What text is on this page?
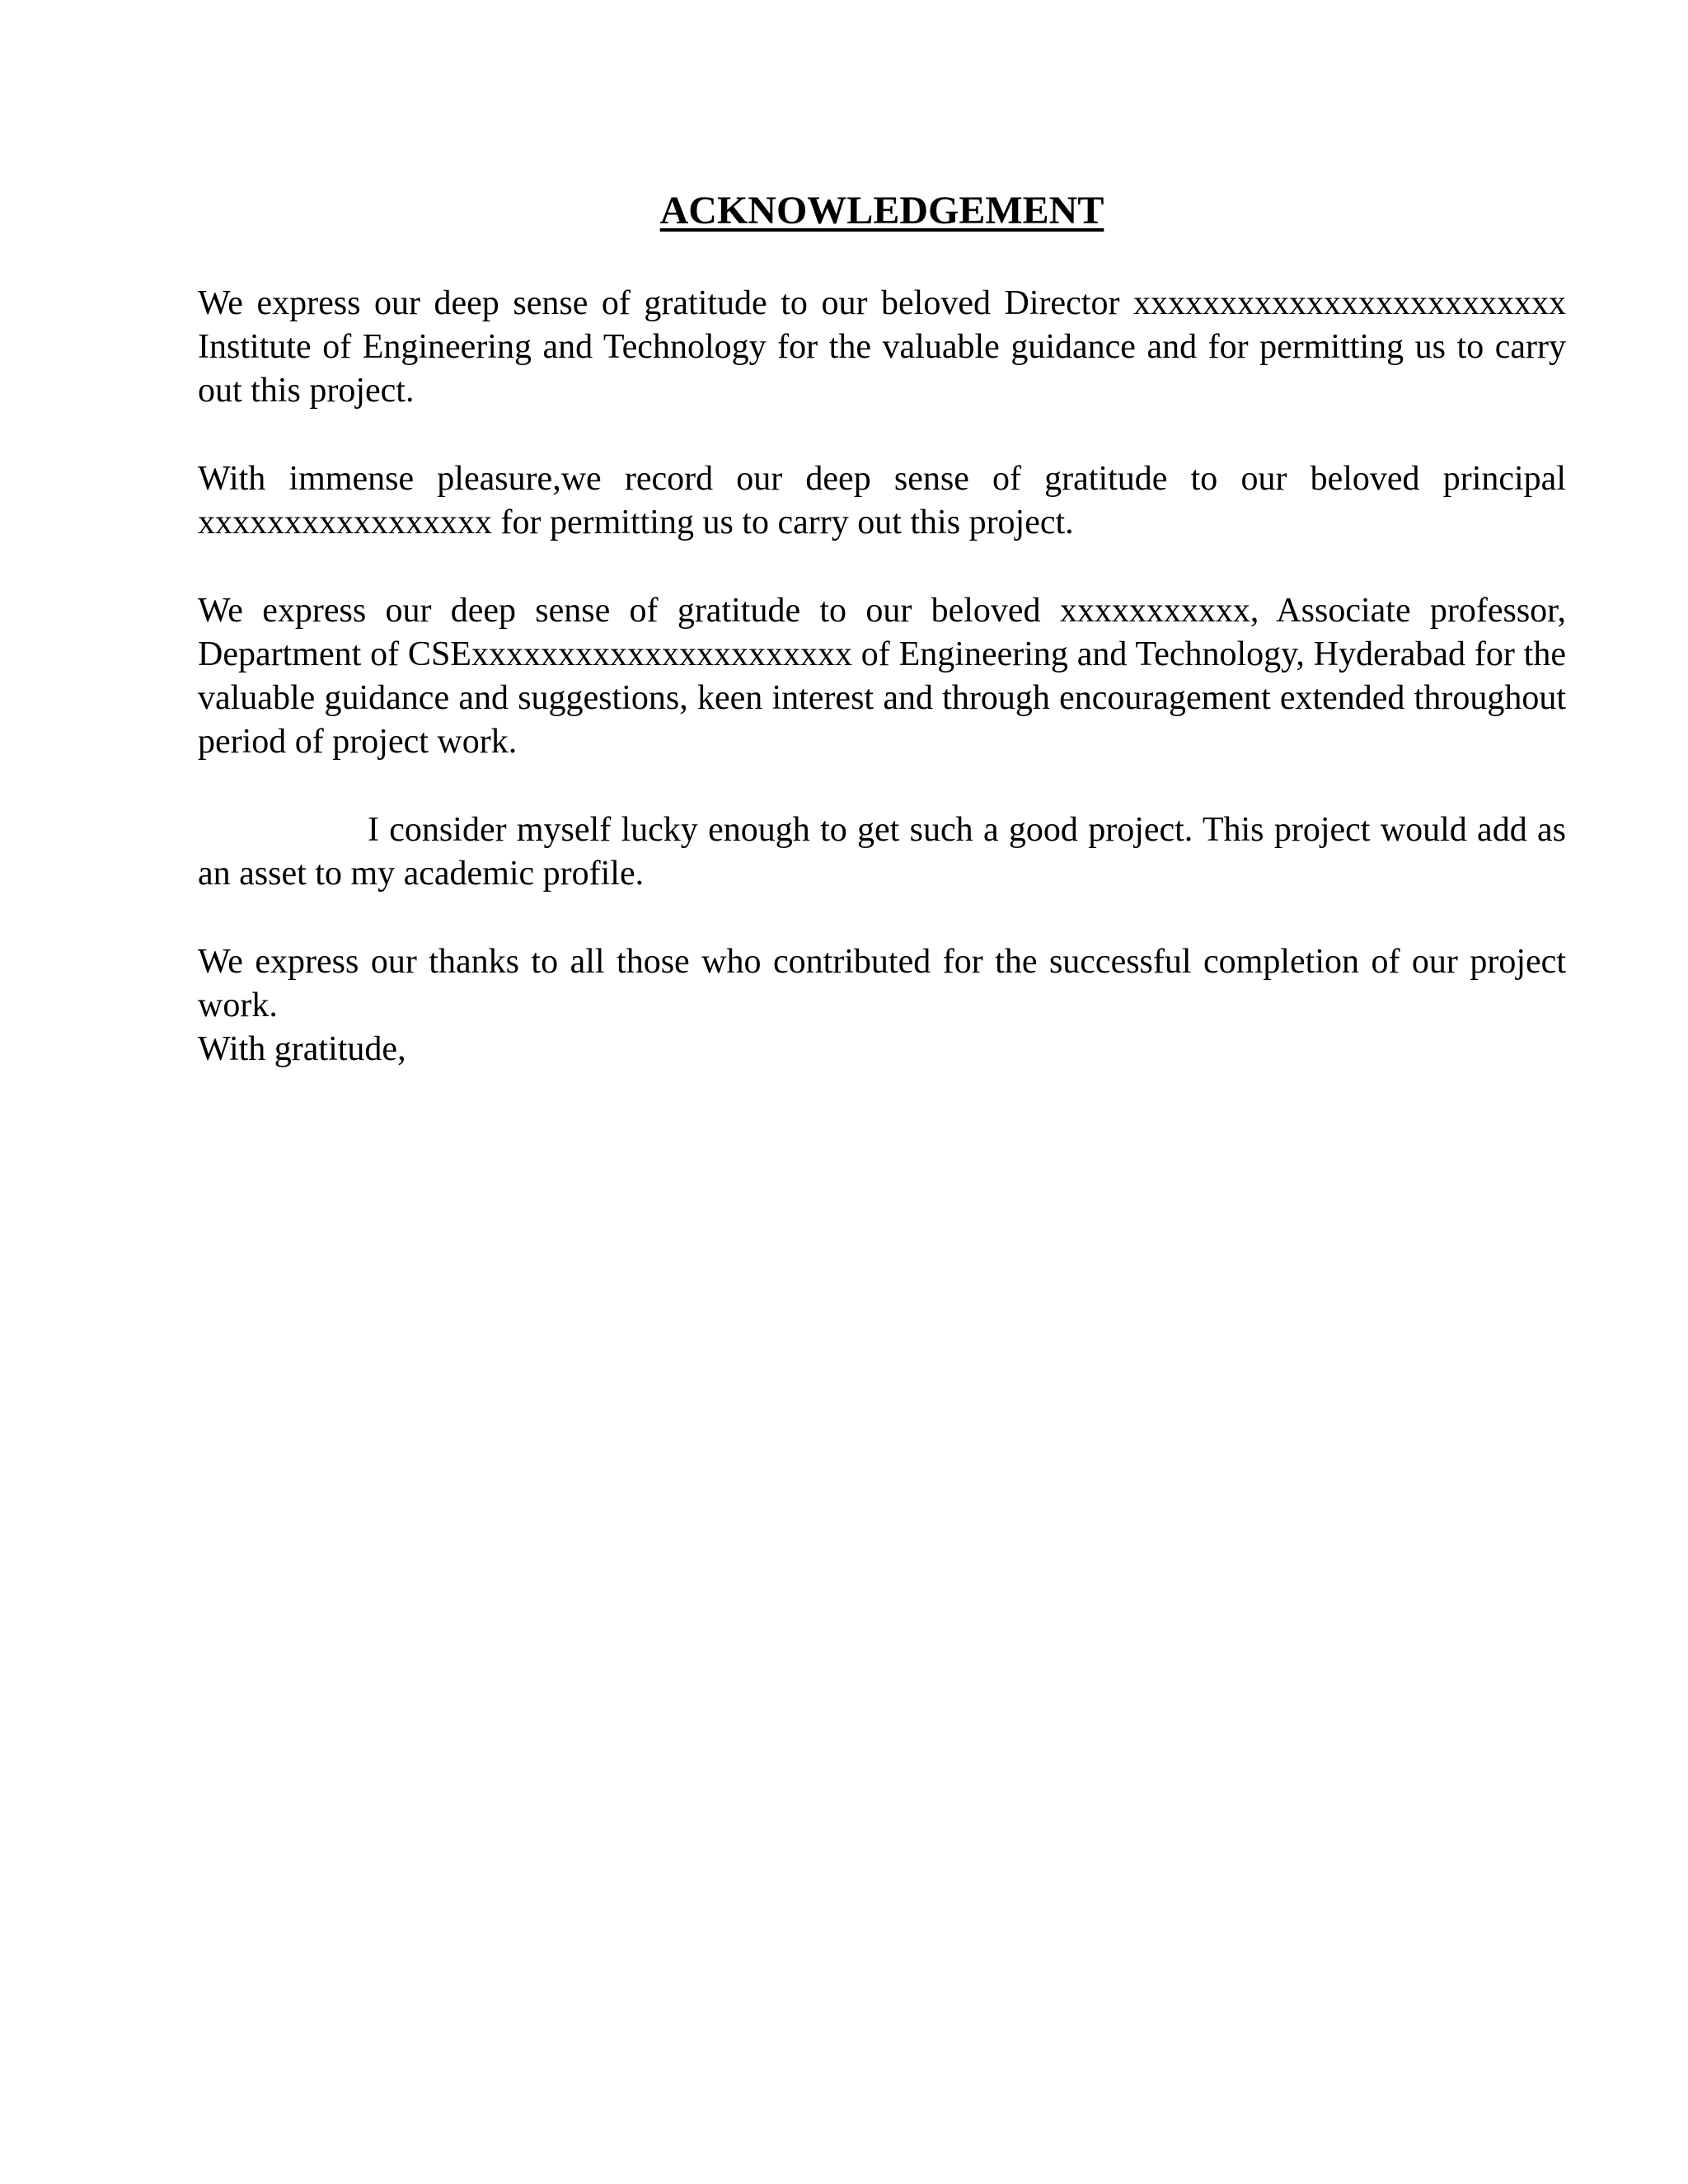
ACKNOWLEDGEMENT

We express our deep sense of gratitude to our beloved Director xxxxxxxxxxxxxxxxxxxxxxxxx Institute of Engineering and Technology for the valuable guidance and for permitting us to carry out this project.

With immense pleasure,we record our deep sense of gratitude to our beloved principal xxxxxxxxxxxxxxxxx for permitting us to carry out this project.

We express our deep sense of gratitude to our beloved xxxxxxxxxxx, Associate professor, Department of CSExxxxxxxxxxxxxxxxxxxxxx of Engineering and Technology, Hyderabad for the valuable guidance and suggestions, keen interest and through encouragement extended throughout period of project work.

I consider myself lucky enough to get such a good project. This project would add as an asset to my academic profile.

We express our thanks to all those who contributed for the successful completion of our project work.

With gratitude,
